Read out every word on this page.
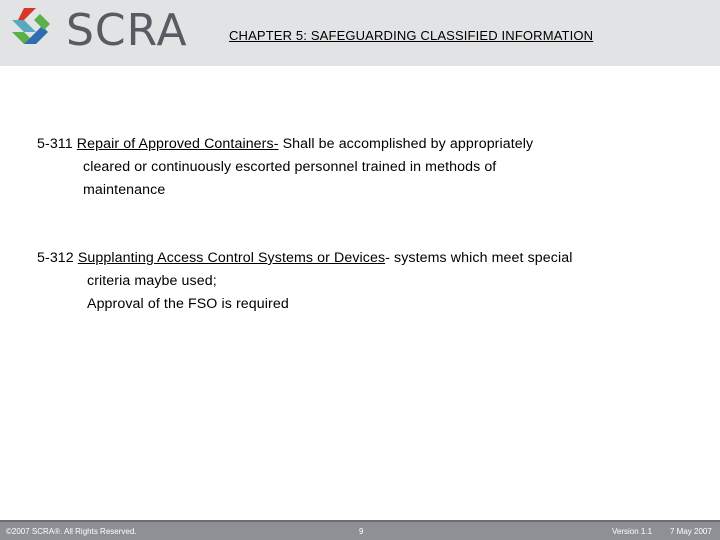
SCRA	CHAPTER 5: SAFEGUARDING CLASSIFIED INFORMATION
5-311 Repair of Approved Containers- Shall be accomplished by appropriately
cleared or continuously escorted personnel trained in methods of
maintenance
5-312 Supplanting Access Control Systems or Devices- systems which meet special
criteria maybe used;
Approval of the FSO is required
©2007 SCRA®. All Rights Reserved.	9	Version 1.1 7 May 2007
